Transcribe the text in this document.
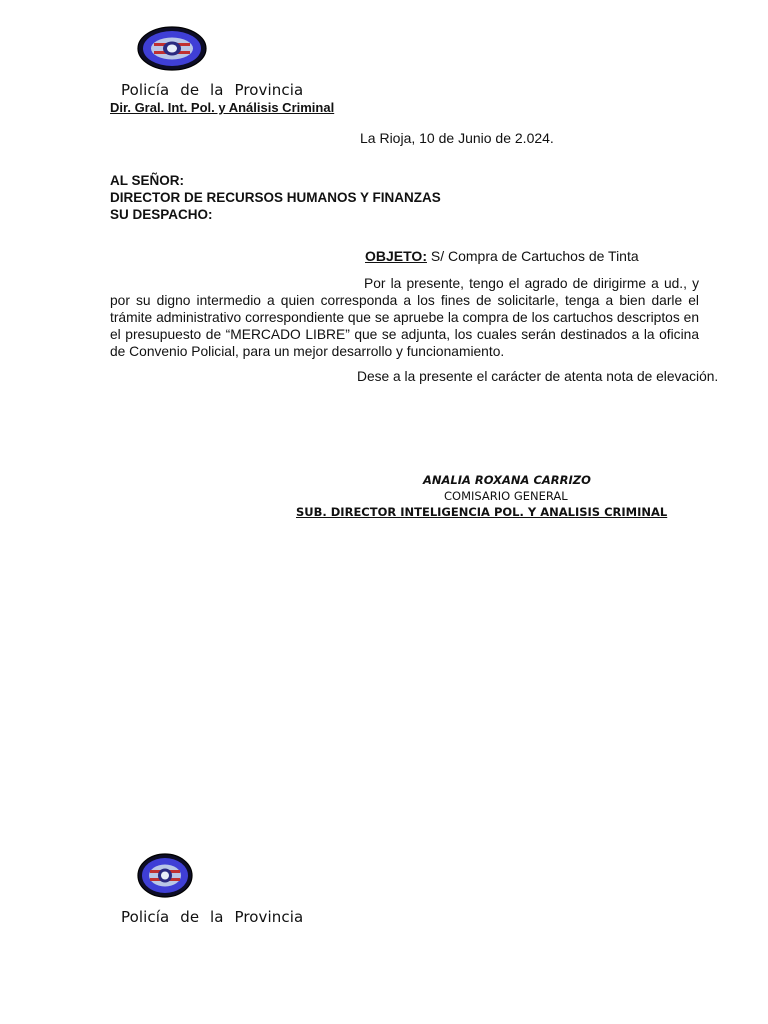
Policía de la Provincia
Dir. Gral. Int. Pol. y Análisis Criminal
La Rioja, 10 de Junio de 2.024.
AL SEÑOR:
DIRECTOR DE RECURSOS HUMANOS Y FINANZAS
SU DESPACHO:
OBJETO: S/ Compra de Cartuchos de Tinta
Por la presente, tengo el agrado de dirigirme a ud., y por su digno intermedio a quien corresponda a los fines de solicitarle, tenga a bien darle el trámite administrativo correspondiente que se apruebe la compra de los cartuchos descriptos en el presupuesto de “MERCADO LIBRE” que se adjunta, los cuales serán destinados a la oficina de Convenio Policial, para un mejor desarrollo y funcionamiento.
Dese a la presente el carácter de atenta nota de elevación.
ANALIA ROXANA CARRIZO
COMISARIO GENERAL
SUB. DIRECTOR INTELIGENCIA POL. Y ANALISIS CRIMINAL
Policía de la Provincia
